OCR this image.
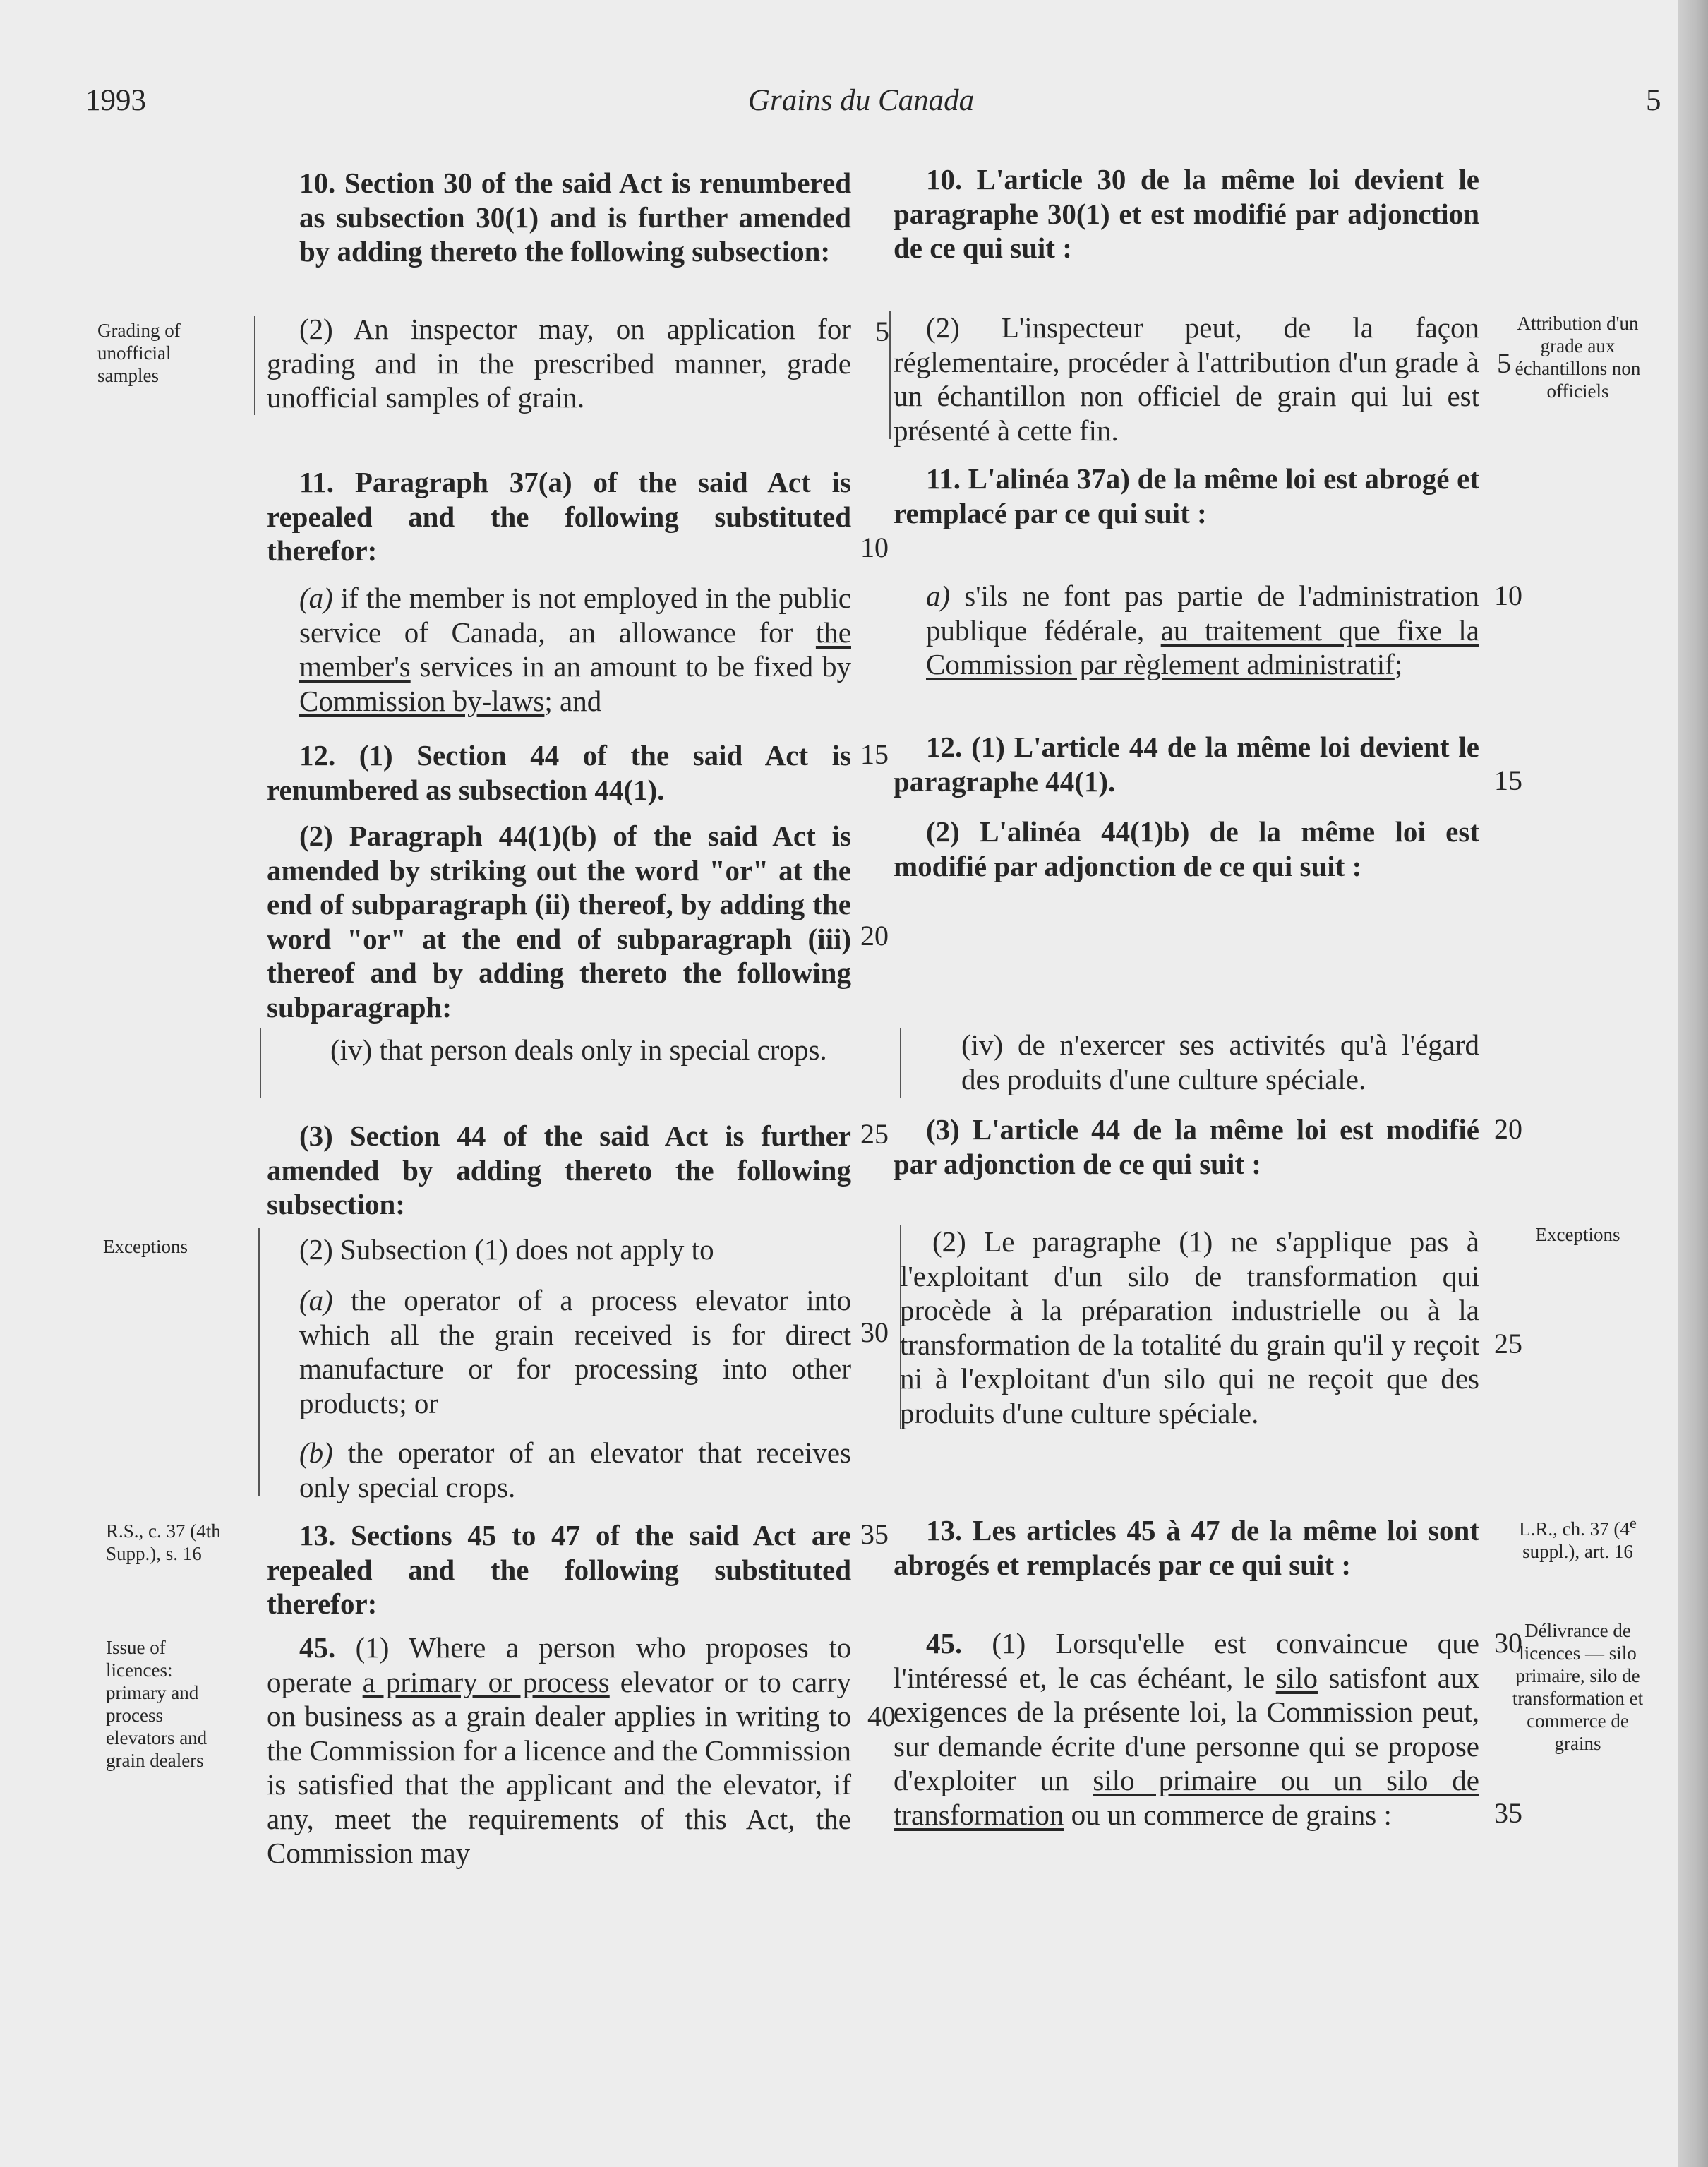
1993	Grains du Canada	5

10. Section 30 of the said Act is renumbered as subsection 30(1) and is further amended by adding thereto the following subsection:

(2) An inspector may, on application for grading and in the prescribed manner, grade unofficial samples of grain.

11. Paragraph 37(a) of the said Act is repealed and the following substituted therefor:

(a) if the member is not employed in the public service of Canada, an allowance for the member's services in an amount to be fixed by Commission by-laws; and

12. (1) Section 44 of the said Act is renumbered as subsection 44(1).

(2) Paragraph 44(1)(b) of the said Act is amended by striking out the word "or" at the end of subparagraph (ii) thereof, by adding the word "or" at the end of subparagraph (iii) thereof and by adding thereto the following subparagraph:

(iv) that person deals only in special crops.

(3) Section 44 of the said Act is further amended by adding thereto the following subsection:

(2) Subsection (1) does not apply to

(a) the operator of a process elevator into which all the grain received is for direct manufacture or for processing into other products; or

(b) the operator of an elevator that receives only special crops.

13. Sections 45 to 47 of the said Act are repealed and the following substituted therefor:

45. (1) Where a person who proposes to operate a primary or process elevator or to carry on business as a grain dealer applies in writing to the Commission for a licence and the Commission is satisfied that the applicant and the elevator, if any, meet the requirements of this Act, the Commission may

5
10
15
20
25
30
35
40
Grading of unofficial samples
Exceptions
R.S., c. 37 (4th Supp.), s. 16
Issue of licences: primary and process elevators and grain dealers

10. L'article 30 de la même loi devient le paragraphe 30(1) et est modifié par adjonction de ce qui suit :

(2) L'inspecteur peut, de la façon réglementaire, procéder à l'attribution d'un grade à un échantillon non officiel de grain qui lui est présenté à cette fin.

11. L'alinéa 37a) de la même loi est abrogé et remplacé par ce qui suit :

a) s'ils ne font pas partie de l'administration publique fédérale, au traitement que fixe la Commission par règlement administratif;

12. (1) L'article 44 de la même loi devient le paragraphe 44(1).

(2) L'alinéa 44(1)b) de la même loi est modifié par adjonction de ce qui suit :

(iv) de n'exercer ses activités qu'à l'égard des produits d'une culture spéciale.

(3) L'article 44 de la même loi est modifié par adjonction de ce qui suit :

(2) Le paragraphe (1) ne s'applique pas à l'exploitant d'un silo de transformation qui procède à la préparation industrielle ou à la transformation de la totalité du grain qu'il y reçoit ni à l'exploitant d'un silo qui ne reçoit que des produits d'une culture spéciale.

13. Les articles 45 à 47 de la même loi sont abrogés et remplacés par ce qui suit :

45. (1) Lorsqu'elle est convaincue que l'intéressé et, le cas échéant, le silo satisfont aux exigences de la présente loi, la Commission peut, sur demande écrite d'une personne qui se propose d'exploiter un silo primaire ou un silo de transformation ou un commerce de grains :

5
10
15
20
25
30
35
Attribution d'un grade aux échantillons non officiels
Exceptions
L.R., ch. 37 (4e suppl.), art. 16
Délivrance de licences — silo primaire, silo de transformation et commerce de grains
